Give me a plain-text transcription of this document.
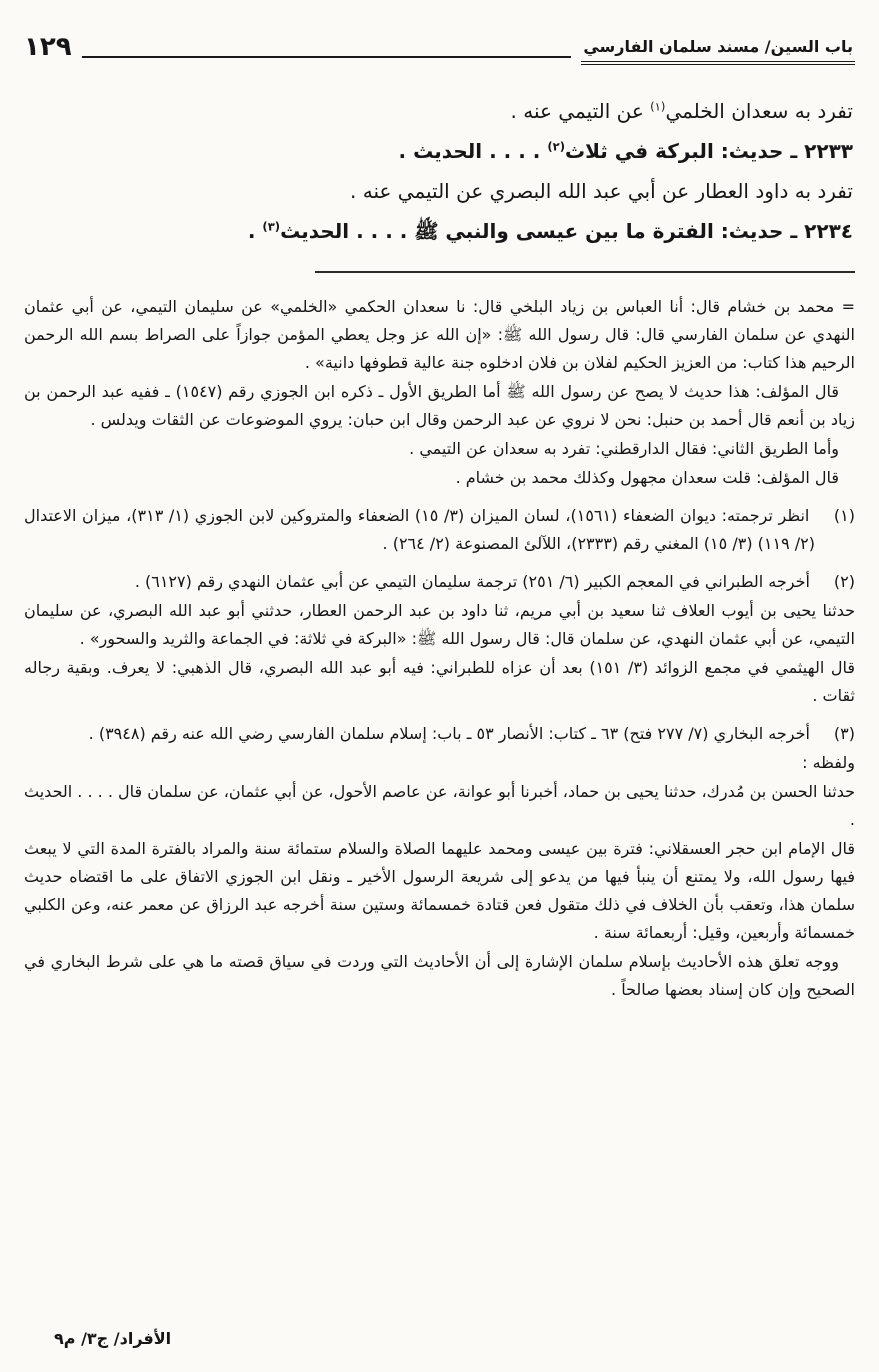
باب السين/ مسند سلمان الفارسي
١٢٩

تفرد به سعدان الخلمي$^{(١)}$ عن التيمي عنه .

٢٢٣٣ ـ حديث: البركة في ثلاث$^{(٢)}$ . . . . الحديث .

تفرد به داود العطار عن أبي عبد الله البصري عن التيمي عنه .

٢٢٣٤ ـ حديث: الفترة ما بين عيسى والنبي ﷺ . . . . الحديث$^{(٣)}$ .

= محمد بن خشام قال: أنا العباس بن زياد البلخي قال: نا سعدان الحكمي «الخلمي» عن سليمان التيمي، عن أبي عثمان النهدي عن سلمان الفارسي قال: قال رسول الله ﷺ: «إن الله عز وجل يعطي المؤمن جوازاً على الصراط بسم الله الرحمن الرحيم هذا كتاب: من العزيز الحكيم لفلان بن فلان ادخلوه جنة عالية قطوفها دانية» .

قال المؤلف: هذا حديث لا يصح عن رسول الله ﷺ أما الطريق الأول ـ ذكره ابن الجوزي رقم (١٥٤٧) ـ ففيه عبد الرحمن بن زياد بن أنعم قال أحمد بن حنبل: نحن لا نروي عن عبد الرحمن وقال ابن حبان: يروي الموضوعات عن الثقات ويدلس .

وأما الطريق الثاني: فقال الدارقطني: تفرد به سعدان عن التيمي .

قال المؤلف: قلت سعدان مجهول وكذلك محمد بن خشام .

(١) انظر ترجمته: ديوان الضعفاء (١٥٦١)، لسان الميزان (٣/ ١٥) الضعفاء والمتروكين لابن الجوزي (١/ ٣١٣)، ميزان الاعتدال (٢/ ١١٩) (٣/ ١٥) المغني رقم (٢٣٣٣)، اللآلئ المصنوعة (٢/ ٢٦٤) .

(٢) أخرجه الطبراني في المعجم الكبير (٦/ ٢٥١) ترجمة سليمان التيمي عن أبي عثمان النهدي رقم (٦١٢٧) .

حدثنا يحيى بن أيوب العلاف ثنا سعيد بن أبي مريم، ثنا داود بن عبد الرحمن العطار، حدثني أبو عبد الله البصري، عن سليمان التيمي، عن أبي عثمان النهدي، عن سلمان قال: قال رسول الله ﷺ: «البركة في ثلاثة: في الجماعة والثريد والسحور» .

قال الهيثمي في مجمع الزوائد (٣/ ١٥١) بعد أن عزاه للطبراني: فيه أبو عبد الله البصري، قال الذهبي: لا يعرف. وبقية رجاله ثقات .

(٣) أخرجه البخاري (٧/ ٢٧٧ فتح) ٦٣ ـ كتاب: الأنصار ٥٣ ـ باب: إسلام سلمان الفارسي رضي الله عنه رقم (٣٩٤٨) .

ولفظه :

حدثنا الحسن بن مُدرك، حدثنا يحيى بن حماد، أخبرنا أبو عوانة، عن عاصم الأحول، عن أبي عثمان، عن سلمان قال . . . . الحديث .

قال الإمام ابن حجر العسقلاني: فترة بين عيسى ومحمد عليهما الصلاة والسلام ستمائة سنة والمراد بالفترة المدة التي لا يبعث فيها رسول الله، ولا يمتنع أن ينبأ فيها من يدعو إلى شريعة الرسول الأخير ـ ونقل ابن الجوزي الاتفاق على ما اقتضاه حديث سلمان هذا، وتعقب بأن الخلاف في ذلك متقول فعن قتادة خمسمائة وستين سنة أخرجه عبد الرزاق عن معمر عنه، وعن الكلبي خمسمائة وأربعين، وقيل: أربعمائة سنة .

ووجه تعلق هذه الأحاديث بإسلام سلمان الإشارة إلى أن الأحاديث التي وردت في سياق قصته ما هي على شرط البخاري في الصحيح وإن كان إسناد بعضها صالحاً .

الأفراد/ ج٣/ م٩
